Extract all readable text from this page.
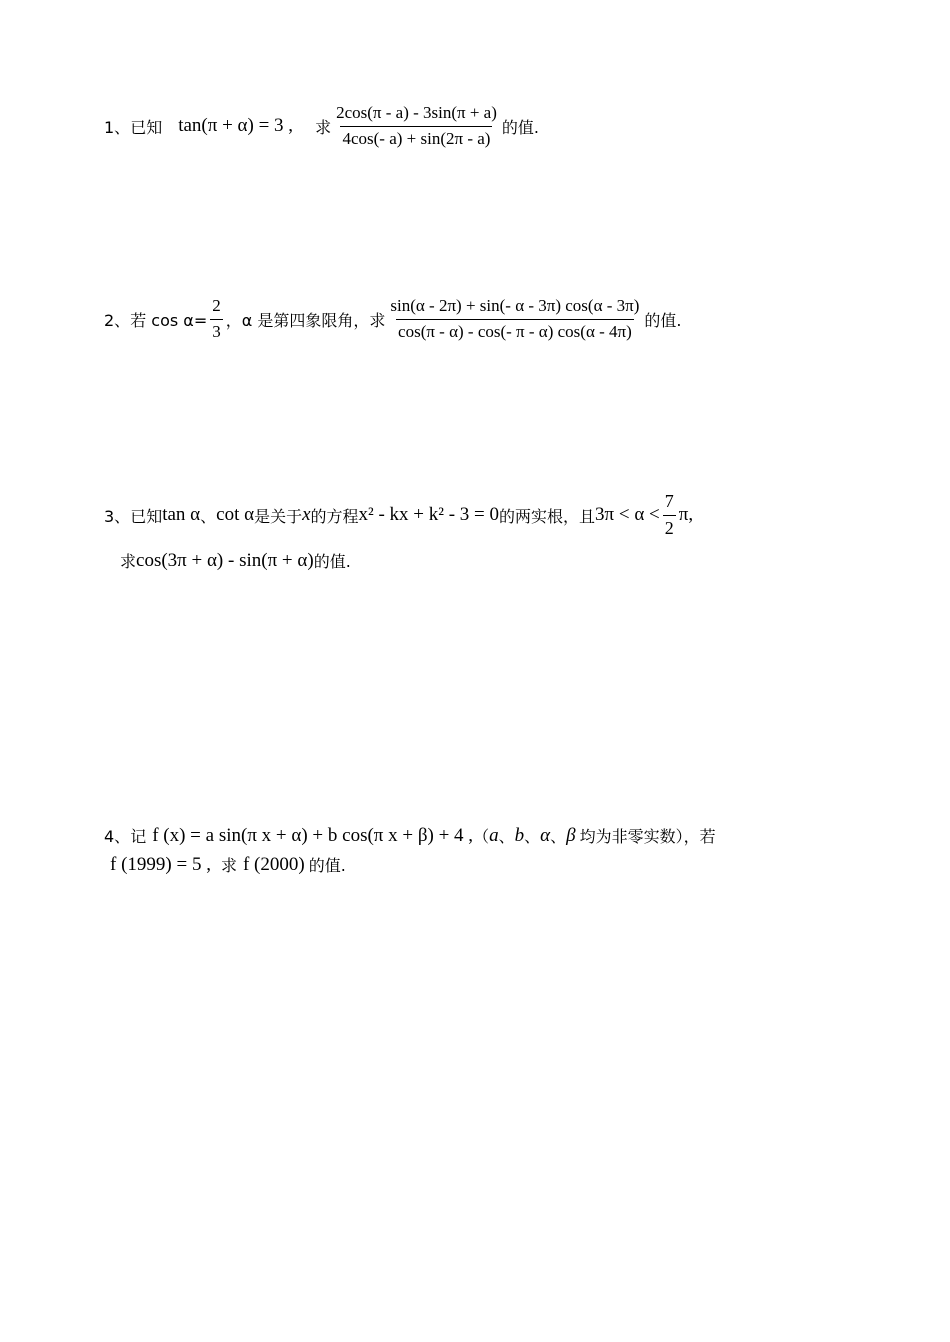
1、 已知 tan(π + α) = 3 , 求 $\frac{2\cos(\pi - a) - 3\sin(\pi + a)}{4\cos(- a) + \sin(2\pi - a)}$ 的值.
2、 若 $\cos \alpha= \frac{2}{3}$ ，α 是第四象限角，求 $\frac{\sin(\alpha - 2\pi) + \sin(- \alpha - 3\pi) \cos(\alpha - 3\pi)}{\cos(\pi - \alpha) - \cos(- \pi - \alpha) \cos(\alpha - 4\pi)}$ 的值.
3、 已知 tan α 、 cot α 是关于 x 的方程 x² - kx + k² - 3 = 0 的两实根，且 $3\pi < \alpha < \frac{7}{2} \pi$,
求 cos(3π + α) - sin(π + α) 的值.
4、 记 f (x) = a sin(π x + α) + b cos(π x + β) + 4 , （ a 、 b 、 α 、 β 均为非零实数），若
f (1999) = 5 , 求 f (2000) 的值.
